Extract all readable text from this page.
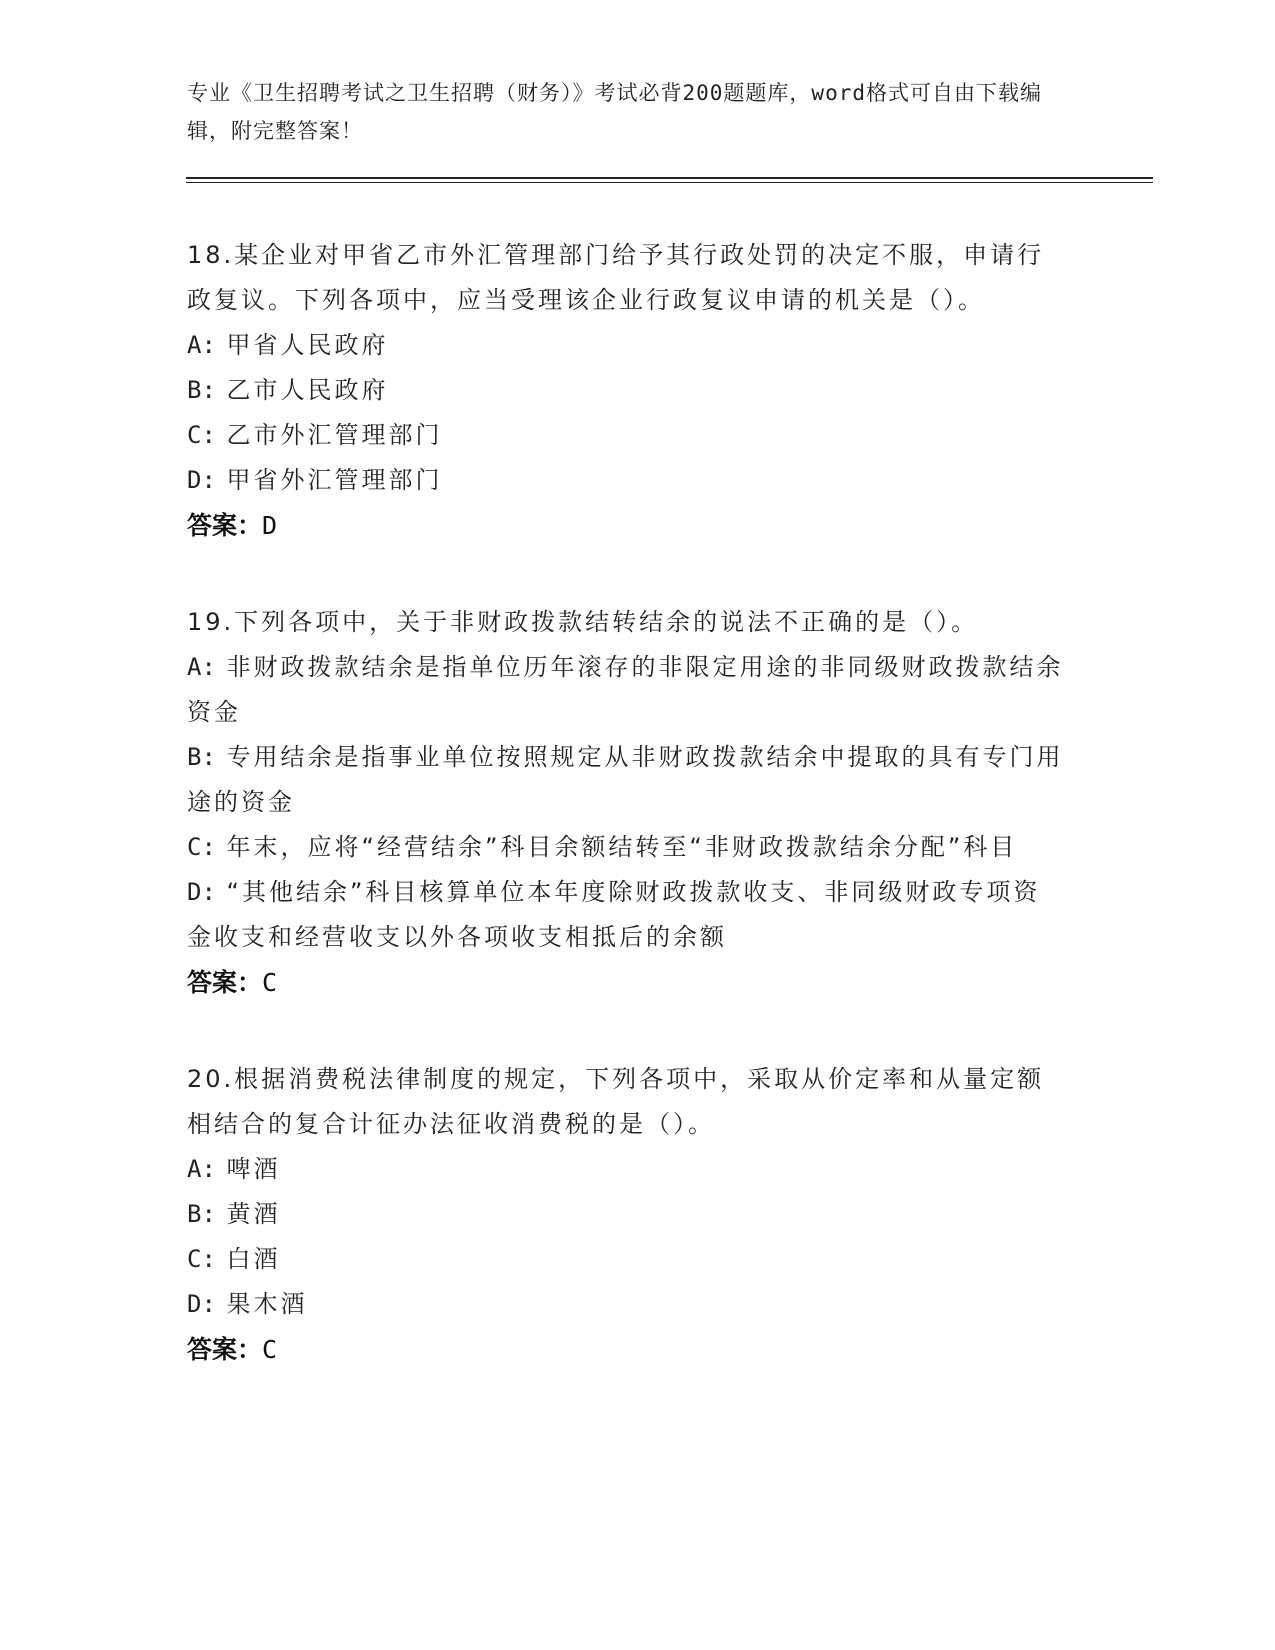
专业《卫生招聘考试之卫生招聘（财务）》考试必背200题题库，word格式可自由下载编辑，附完整答案！
18.某企业对甲省乙市外汇管理部门给予其行政处罚的决定不服，申请行政复议。下列各项中，应当受理该企业行政复议申请的机关是（）。
A: 甲省人民政府
B: 乙市人民政府
C: 乙市外汇管理部门
D: 甲省外汇管理部门
答案：D
19.下列各项中，关于非财政拨款结转结余的说法不正确的是（）。
A: 非财政拨款结余是指单位历年滚存的非限定用途的非同级财政拨款结余资金
B: 专用结余是指事业单位按照规定从非财政拨款结余中提取的具有专门用途的资金
C: 年末，应将“经营结余”科目余额结转至“非财政拨款结余分配”科目
D: “其他结余”科目核算单位本年度除财政拨款收支、非同级财政专项资金收支和经营收支以外各项收支相抵后的余额
答案：C
20.根据消费税法律制度的规定，下列各项中，采取从价定率和从量定额相结合的复合计征办法征收消费税的是（）。
A: 啤酒
B: 黄酒
C: 白酒
D: 果木酒
答案：C
